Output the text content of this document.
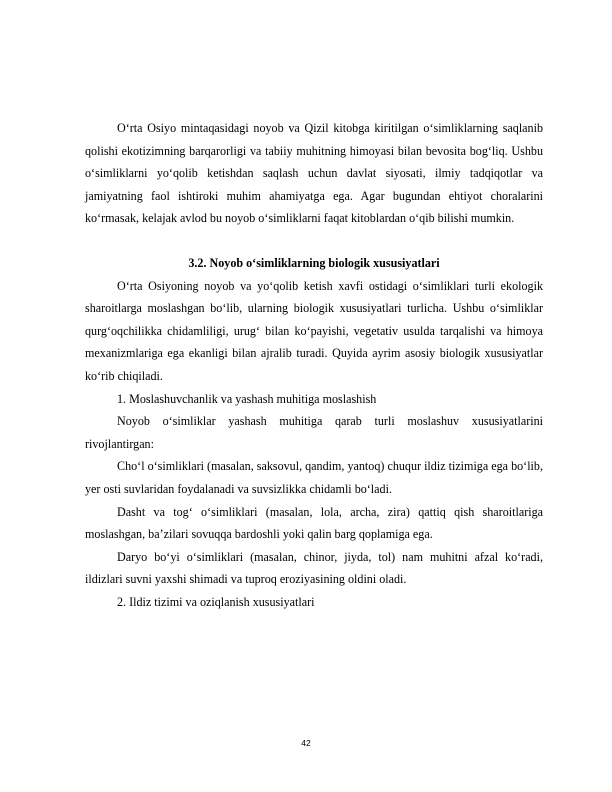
O‘rta Osiyo mintaqasidagi noyob va Qizil kitobga kiritilgan o‘simliklarning saqlanib qolishi ekotizimning barqarorligi va tabiiy muhitning himoyasi bilan bevosita bog‘liq. Ushbu o‘simliklarni yo‘qolib ketishdan saqlash uchun davlat siyosati, ilmiy tadqiqotlar va jamiyatning faol ishtiroki muhim ahamiyatga ega. Agar bugundan ehtiyot choralarini ko‘rmasak, kelajak avlod bu noyob o‘simliklarni faqat kitoblardan o‘qib bilishi mumkin.

3.2. Noyob o‘simliklarning biologik xususiyatlari

O‘rta Osiyoning noyob va yo‘qolib ketish xavfi ostidagi o‘simliklari turli ekologik sharoitlarga moslashgan bo‘lib, ularning biologik xususiyatlari turlicha. Ushbu o‘simliklar qurg‘oqchilikka chidamliligi, urug‘ bilan ko‘payishi, vegetativ usulda tarqalishi va himoya mexanizmlariga ega ekanligi bilan ajralib turadi. Quyida ayrim asosiy biologik xususiyatlar ko‘rib chiqiladi.

1. Moslashuvchanlik va yashash muhitiga moslashish

Noyob o‘simliklar yashash muhitiga qarab turli moslashuv xususiyatlarini rivojlantirgan:

Cho‘l o‘simliklari (masalan, saksovul, qandim, yantoq) chuqur ildiz tizimiga ega bo‘lib, yer osti suvlaridan foydalanadi va suvsizlikka chidamli bo‘ladi.

Dasht va tog‘ o‘simliklari (masalan, lola, archa, zira) qattiq qish sharoitlariga moslashgan, ba’zilari sovuqqa bardoshli yoki qalin barg qoplamiga ega.

Daryo bo‘yi o‘simliklari (masalan, chinor, jiyda, tol) nam muhitni afzal ko‘radi, ildizlari suvni yaxshi shimadi va tuproq eroziyasining oldini oladi.

2. Ildiz tizimi va oziqlanish xususiyatlari

42
